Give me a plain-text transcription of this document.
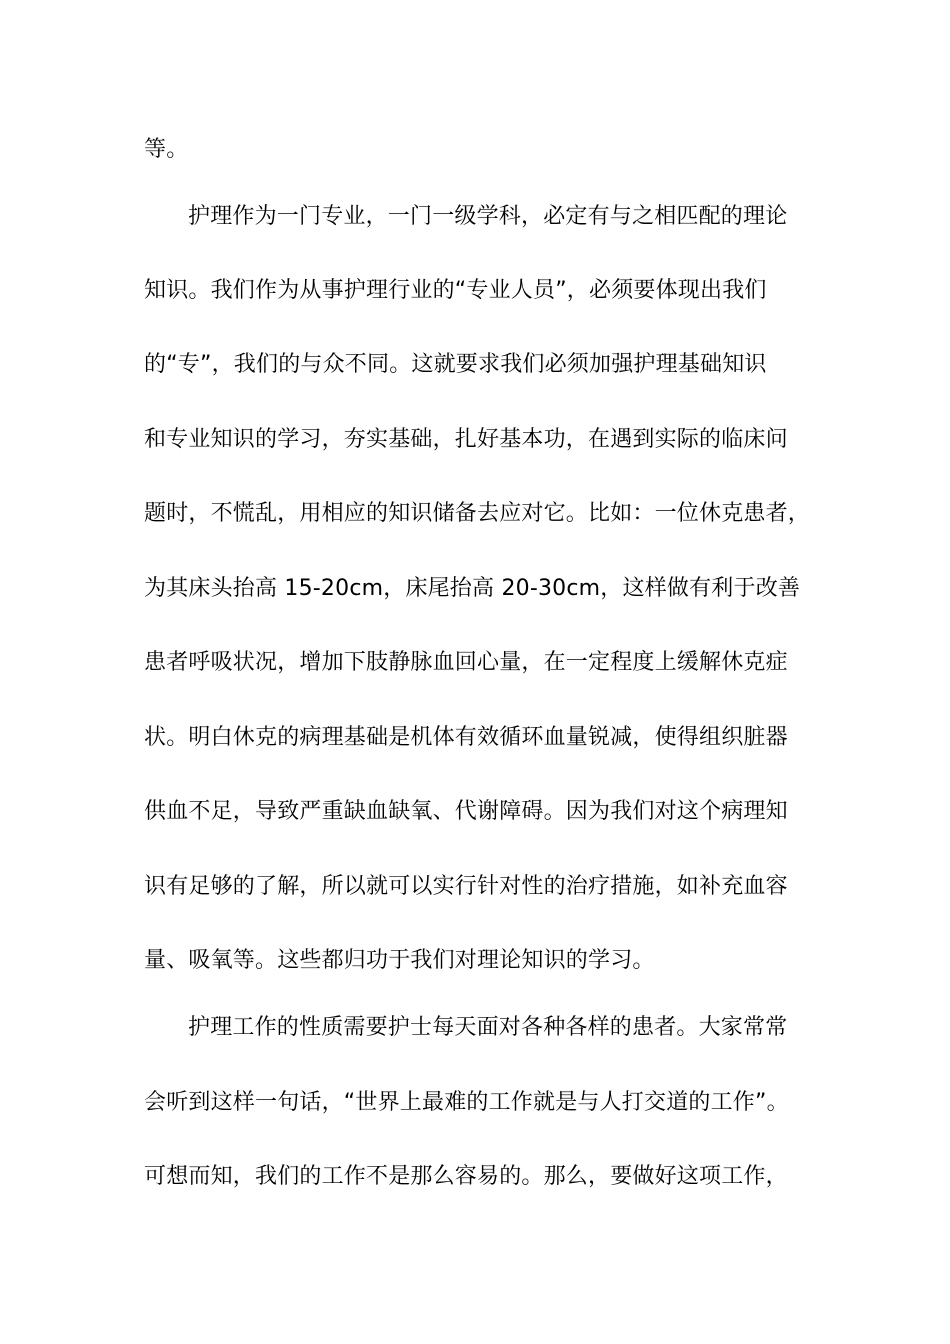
等。
护理作为一门专业，一门一级学科，必定有与之相匹配的理论
知识。我们作为从事护理行业的“专业人员”，必须要体现出我们
的“专”，我们的与众不同。这就要求我们必须加强护理基础知识
和专业知识的学习，夯实基础，扎好基本功，在遇到实际的临床问
题时，不慌乱，用相应的知识储备去应对它。比如：一位休克患者，
为其床头抬高 15-20cm，床尾抬高 20-30cm，这样做有利于改善
患者呼吸状况，增加下肢静脉血回心量，在一定程度上缓解休克症
状。明白休克的病理基础是机体有效循环血量锐减，使得组织脏器
供血不足，导致严重缺血缺氧、代谢障碍。因为我们对这个病理知
识有足够的了解，所以就可以实行针对性的治疗措施，如补充血容
量、吸氧等。这些都归功于我们对理论知识的学习。
护理工作的性质需要护士每天面对各种各样的患者。大家常常
会听到这样一句话，“世界上最难的工作就是与人打交道的工作”。
可想而知，我们的工作不是那么容易的。那么，要做好这项工作，
